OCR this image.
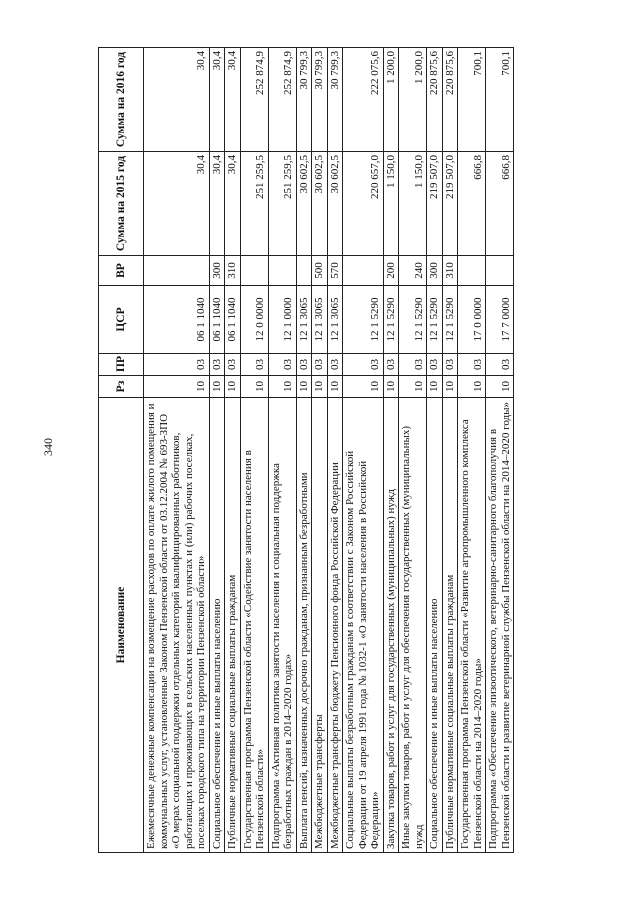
340
Наименование	Рз	ПР	ЦСР	ВР	Сумма на 2015 год	Сумма на 2016 год
Ежемесячные денежные компенсации на возмещение расходов по оплате жилого помещения и коммунальных услуг, установленные Законом Пензенской области от 03.12.2004 № 693-ЗПО «О мерах социальной поддержки отдельных категорий квалифицированных работников, работающих и проживающих в сельских населенных пунктах и (или) рабочих поселках, поселках городского типа на территории Пензенской области»	10	03	06 1 1040		30,4	30,4
Социальное обеспечение и иные выплаты населению	10	03	06 1 1040	300	30,4	30,4
Публичные нормативные социальные выплаты гражданам	10	03	06 1 1040	310	30,4	30,4
Государственная программа Пензенской области «Содействие занятости населения в Пензенской области»	10	03	12 0 0000		251 259,5	252 874,9
Подпрограмма «Активная политика занятости населения и социальная поддержка безработных граждан в 2014–2020 годах»	10	03	12 1 0000		251 259,5	252 874,9
Выплата пенсий, назначенных досрочно гражданам, признанным безработными	10	03	12 1 3065		30 602,5	30 799,3
Межбюджетные трансферты	10	03	12 1 3065	500	30 602,5	30 799,3
Межбюджетные трансферты бюджету Пенсионного фонда Российской Федерации	10	03	12 1 3065	570	30 602,5	30 799,3
Социальные выплаты безработным гражданам в соответствии с Законом Российской Федерации от 19 апреля 1991 года № 1032-1 «О занятости населения в Российской Федерации»	10	03	12 1 5290		220 657,0	222 075,6
Закупка товаров, работ и услуг для государственных (муниципальных) нужд	10	03	12 1 5290	200	1 150,0	1 200,0
Иные закупки товаров, работ и услуг для обеспечения государственных (муниципальных) нужд	10	03	12 1 5290	240	1 150,0	1 200,0
Социальное обеспечение и иные выплаты населению	10	03	12 1 5290	300	219 507,0	220 875,6
Публичные нормативные социальные выплаты гражданам	10	03	12 1 5290	310	219 507,0	220 875,6
Государственная программа Пензенской области «Развитие агропромышленного комплекса Пензенской области на 2014–2020 годы»	10	03	17 0 0000		666,8	700,1
Подпрограмма «Обеспечение эпизоотического, ветеринарно-санитарного благополучия в Пензенской области и развитие ветеринарной службы Пензенской области на 2014–2020 годы»	10	03	17 7 0000		666,8	700,1
